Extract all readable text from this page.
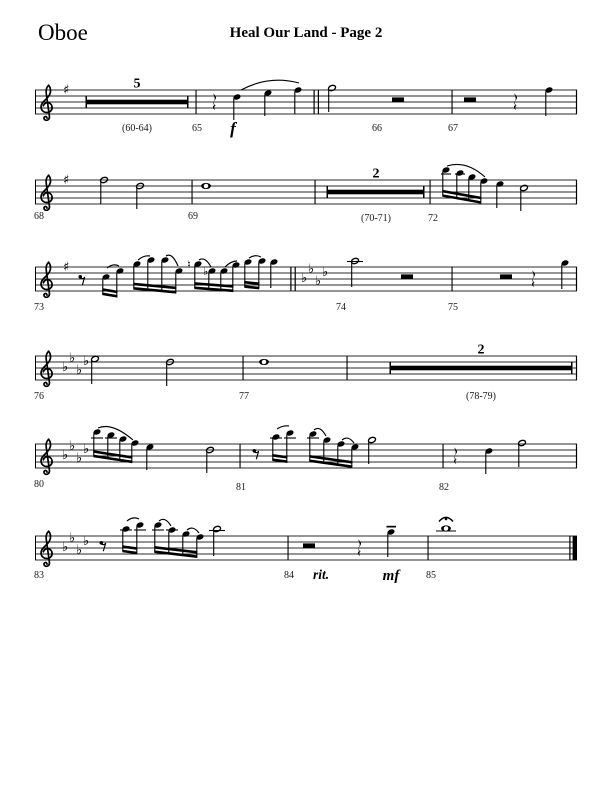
Oboe	Heal Our Land - Page 2
♯	5
(60-64)	65 f	66	67
♯
68	69
2
(70-71)	72
♯
73
♮
♭	♭
♭
♭
♭
74	75
♭
♭
♭
♭
76	77
2
(78-79)
♭
♭
♭
♭
80	81	82
♭
♭
♭
♭
83	84 rit.	mf	85
